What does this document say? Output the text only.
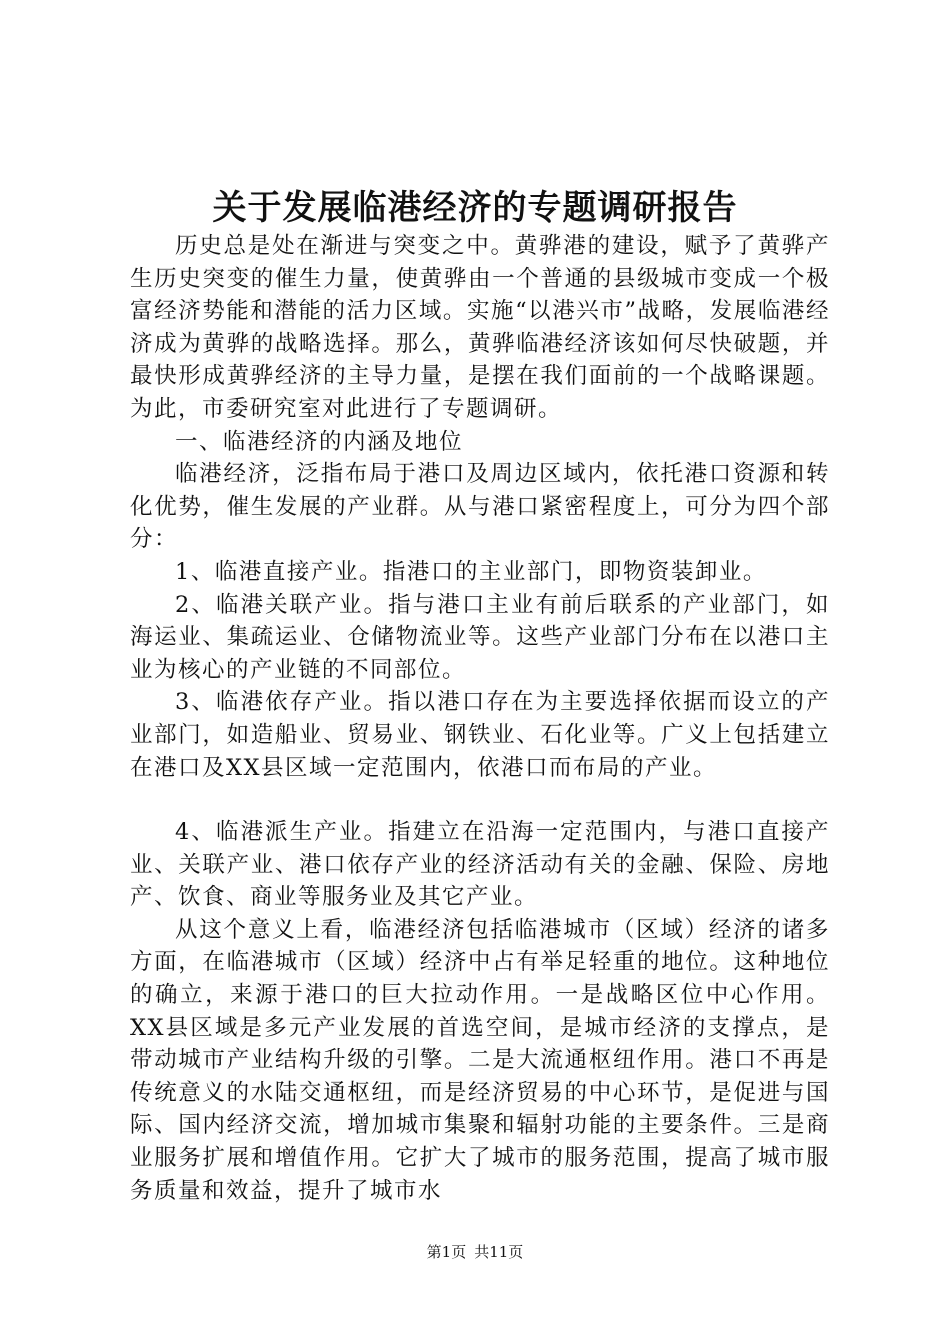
关于发展临港经济的专题调研报告

历史总是处在渐进与突变之中。黄骅港的建设，赋予了黄骅产生历史突变的催生力量，使黄骅由一个普通的县级城市变成一个极富经济势能和潜能的活力区域。实施“以港兴市”战略，发展临港经济成为黄骅的战略选择。那么，黄骅临港经济该如何尽快破题，并最快形成黄骅经济的主导力量，是摆在我们面前的一个战略课题。为此，市委研究室对此进行了专题调研。

一、临港经济的内涵及地位

临港经济，泛指布局于港口及周边区域内，依托港口资源和转化优势，催生发展的产业群。从与港口紧密程度上，可分为四个部分：

1、临港直接产业。指港口的主业部门，即物资装卸业。

2、临港关联产业。指与港口主业有前后联系的产业部门，如海运业、集疏运业、仓储物流业等。这些产业部门分布在以港口主业为核心的产业链的不同部位。

3、临港依存产业。指以港口存在为主要选择依据而设立的产业部门，如造船业、贸易业、钢铁业、石化业等。广义上包括建立在港口及XX县区域一定范围内，依港口而布局的产业。

4、临港派生产业。指建立在沿海一定范围内，与港口直接产业、关联产业、港口依存产业的经济活动有关的金融、保险、房地产、饮食、商业等服务业及其它产业。

从这个意义上看，临港经济包括临港城市（区域）经济的诸多方面，在临港城市（区域）经济中占有举足轻重的地位。这种地位的确立，来源于港口的巨大拉动作用。一是战略区位中心作用。XX县区域是多元产业发展的首选空间，是城市经济的支撑点，是带动城市产业结构升级的引擎。二是大流通枢纽作用。港口不再是传统意义的水陆交通枢纽，而是经济贸易的中心环节，是促进与国际、国内经济交流，增加城市集聚和辐射功能的主要条件。三是商业服务扩展和增值作用。它扩大了城市的服务范围，提高了城市服务质量和效益，提升了城市水

第1页 共11页
